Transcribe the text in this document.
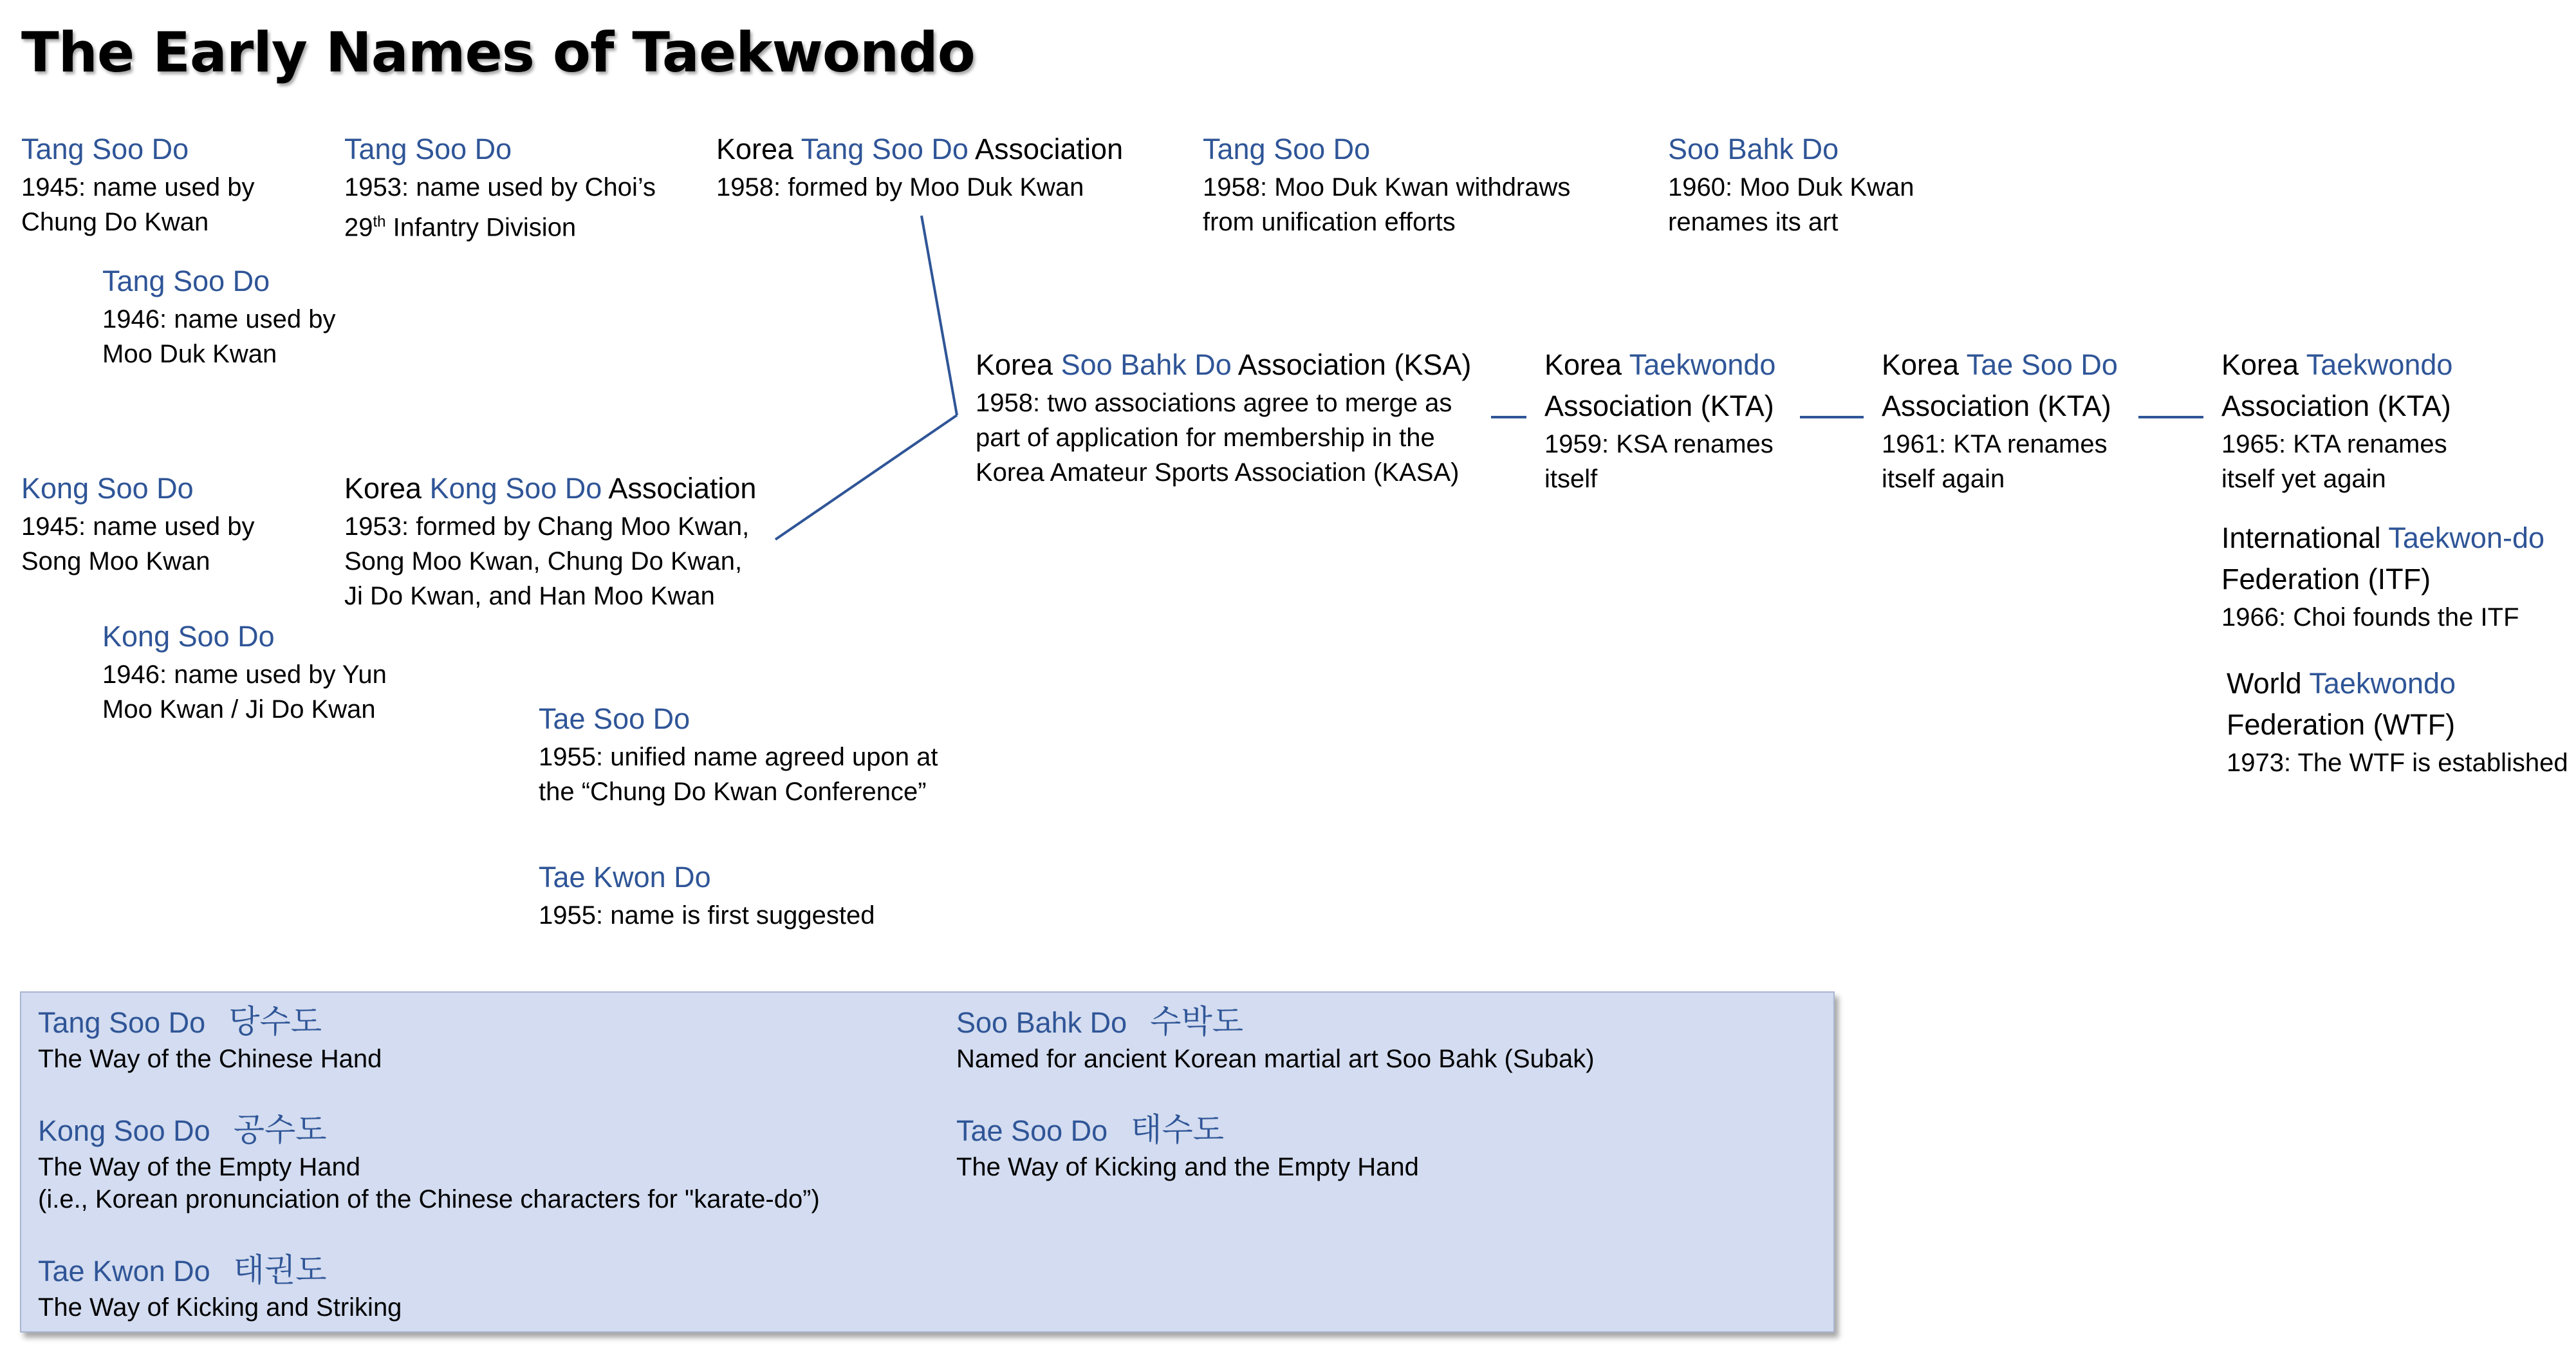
The Early Names of Taekwondo
Tang Soo Do
1945: name used by
Chung Do Kwan
Tang Soo Do
1953: name used by Choi’s
29th Infantry Division
Korea Tang Soo Do Association
1958: formed by Moo Duk Kwan
Tang Soo Do
1958: Moo Duk Kwan withdraws
from unification efforts
Soo Bahk Do
1960: Moo Duk Kwan
renames its art
Tang Soo Do
1946: name used by
Moo Duk Kwan	Korea Soo Bahk Do Association (KSA)
1958: two associations agree to merge as
part of application for membership in the
Korea Amateur Sports Association (KASA)
Korea Taekwondo
Association (KTA)
1959: KSA renames
itself
Korea Tae Soo Do
Association (KTA)
1961: KTA renames
itself again
Korea Taekwondo
Association (KTA)
1965: KTA renames
itself yet again
Kong Soo Do
1945: name used by
Song Moo Kwan
Korea Kong Soo Do Association
1953: formed by Chang Moo Kwan,
Song Moo Kwan, Chung Do Kwan,
Ji Do Kwan, and Han Moo Kwan
International Taekwon-do
Federation (ITF)
1966: Choi founds the ITF
Kong Soo Do
1946: name used by Yun
Moo Kwan / Ji Do Kwan
World Taekwondo
Federation (WTF)
1973: The WTF is established
Tae Soo Do
1955: unified name agreed upon at
the “Chung Do Kwan Conference”
Tae Kwon Do
1955: name is first suggested
Tang Soo Do 당수도
The Way of the Chinese Hand
Kong Soo Do 공수도
The Way of the Empty Hand
(i.e., Korean pronunciation of the Chinese characters for "karate-do”)
Tae Kwon Do 태권도
The Way of Kicking and Striking
Soo Bahk Do 수박도
Named for ancient Korean martial art Soo Bahk (Subak)
Tae Soo Do 태수도
The Way of Kicking and the Empty Hand
